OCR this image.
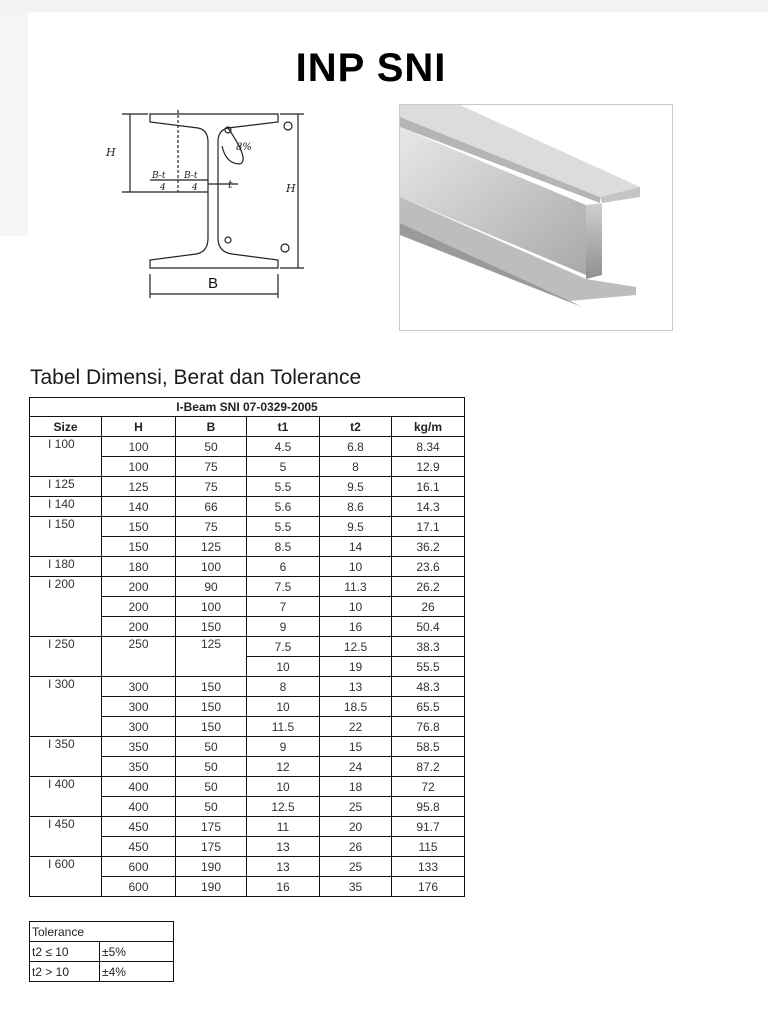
INP SNI
H
H
B-t
4
B-t
4	t
8%
B
Tabel Dimensi, Berat dan Tolerance
I-Beam SNI 07-0329-2005					
Size	H	B	t1	t2	kg/m
I 100	100	50	4.5	6.8	8.34
	100	75	5	8	12.9
I 125	125	75	5.5	9.5	16.1
I 140	140	66	5.6	8.6	14.3
I 150	150	75	5.5	9.5	17.1
	150	125	8.5	14	36.2
I 180	180	100	6	10	23.6
I 200	200	90	7.5	11.3	26.2
	200	100	7	10	26
	200	150	9	16	50.4
I 250	250	125	7.5	12.5	38.3
			10	19	55.5
I 300	300	150	8	13	48.3
	300	150	10	18.5	65.5
	300	150	11.5	22	76.8
I 350	350	50	9	15	58.5
	350	50	12	24	87.2
I 400	400	50	10	18	72
	400	50	12.5	25	95.8
I 450	450	175	11	20	91.7
	450	175	13	26	115
I 600	600	190	13	25	133
	600	190	16	35	176
Tolerance	
t2 ≤ 10	±5%
t2 > 10	±4%
